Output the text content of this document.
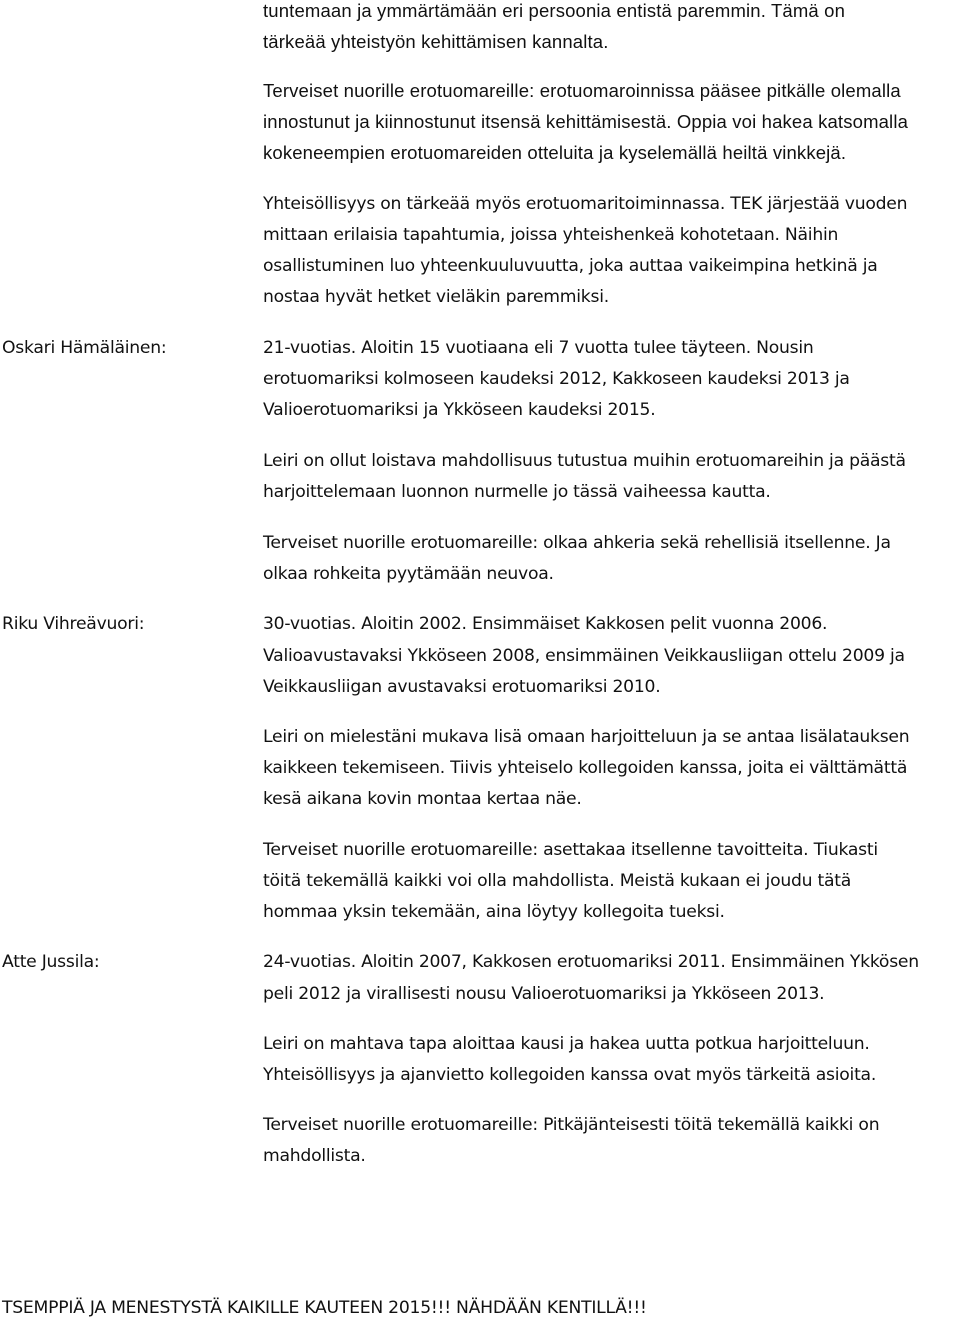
tuntemaan ja ymmärtämään eri persoonia entistä paremmin. Tämä on

tärkeää yhteistyön kehittämisen kannalta.

Terveiset nuorille erotuomareille: erotuomaroinnissa pääsee pitkälle olemalla

innostunut ja kiinnostunut itsensä kehittämisestä. Oppia voi hakea katsomalla

kokeneempien erotuomareiden otteluita ja kyselemällä heiltä vinkkejä.

Yhteisöllisyys on tärkeää myös erotuomaritoiminnassa. TEK järjestää vuoden

mittaan erilaisia tapahtumia, joissa yhteishenkeä kohotetaan. Näihin

osallistuminen luo yhteenkuuluvuutta, joka auttaa vaikeimpina hetkinä ja

nostaa hyvät hetket vieläkin paremmiksi.

Oskari Hämäläinen:	21-vuotias. Aloitin 15 vuotiaana eli 7 vuotta tulee täyteen. Nousin

erotuomariksi kolmoseen kaudeksi 2012, Kakkoseen kaudeksi 2013 ja

Valioerotuomariksi ja Ykköseen kaudeksi 2015.

Leiri on ollut loistava mahdollisuus tutustua muihin erotuomareihin ja päästä

harjoittelemaan luonnon nurmelle jo tässä vaiheessa kautta.

Terveiset nuorille erotuomareille: olkaa ahkeria sekä rehellisiä itsellenne. Ja

olkaa rohkeita pyytämään neuvoa.

Riku Vihreävuori:	30-vuotias. Aloitin 2002. Ensimmäiset Kakkosen pelit vuonna 2006.

Valioavustavaksi Ykköseen 2008, ensimmäinen Veikkausliigan ottelu 2009 ja

Veikkausliigan avustavaksi erotuomariksi 2010.

Leiri on mielestäni mukava lisä omaan harjoitteluun ja se antaa lisälatauksen

kaikkeen tekemiseen. Tiivis yhteiselo kollegoiden kanssa, joita ei välttämättä

kesä aikana kovin montaa kertaa näe.

Terveiset nuorille erotuomareille: asettakaa itsellenne tavoitteita. Tiukasti

töitä tekemällä kaikki voi olla mahdollista. Meistä kukaan ei joudu tätä

hommaa yksin tekemään, aina löytyy kollegoita tueksi.

Atte Jussila:	24-vuotias. Aloitin 2007, Kakkosen erotuomariksi 2011. Ensimmäinen Ykkösen

peli 2012 ja virallisesti nousu Valioerotuomariksi ja Ykköseen 2013.

Leiri on mahtava tapa aloittaa kausi ja hakea uutta potkua harjoitteluun.

Yhteisöllisyys ja ajanvietto kollegoiden kanssa ovat myös tärkeitä asioita.

Terveiset nuorille erotuomareille: Pitkäjänteisesti töitä tekemällä kaikki on

mahdollista.

TSEMPPIÄ JA MENESTYSTÄ KAIKILLE KAUTEEN 2015!!! NÄHDÄÄN KENTILLÄ!!!
